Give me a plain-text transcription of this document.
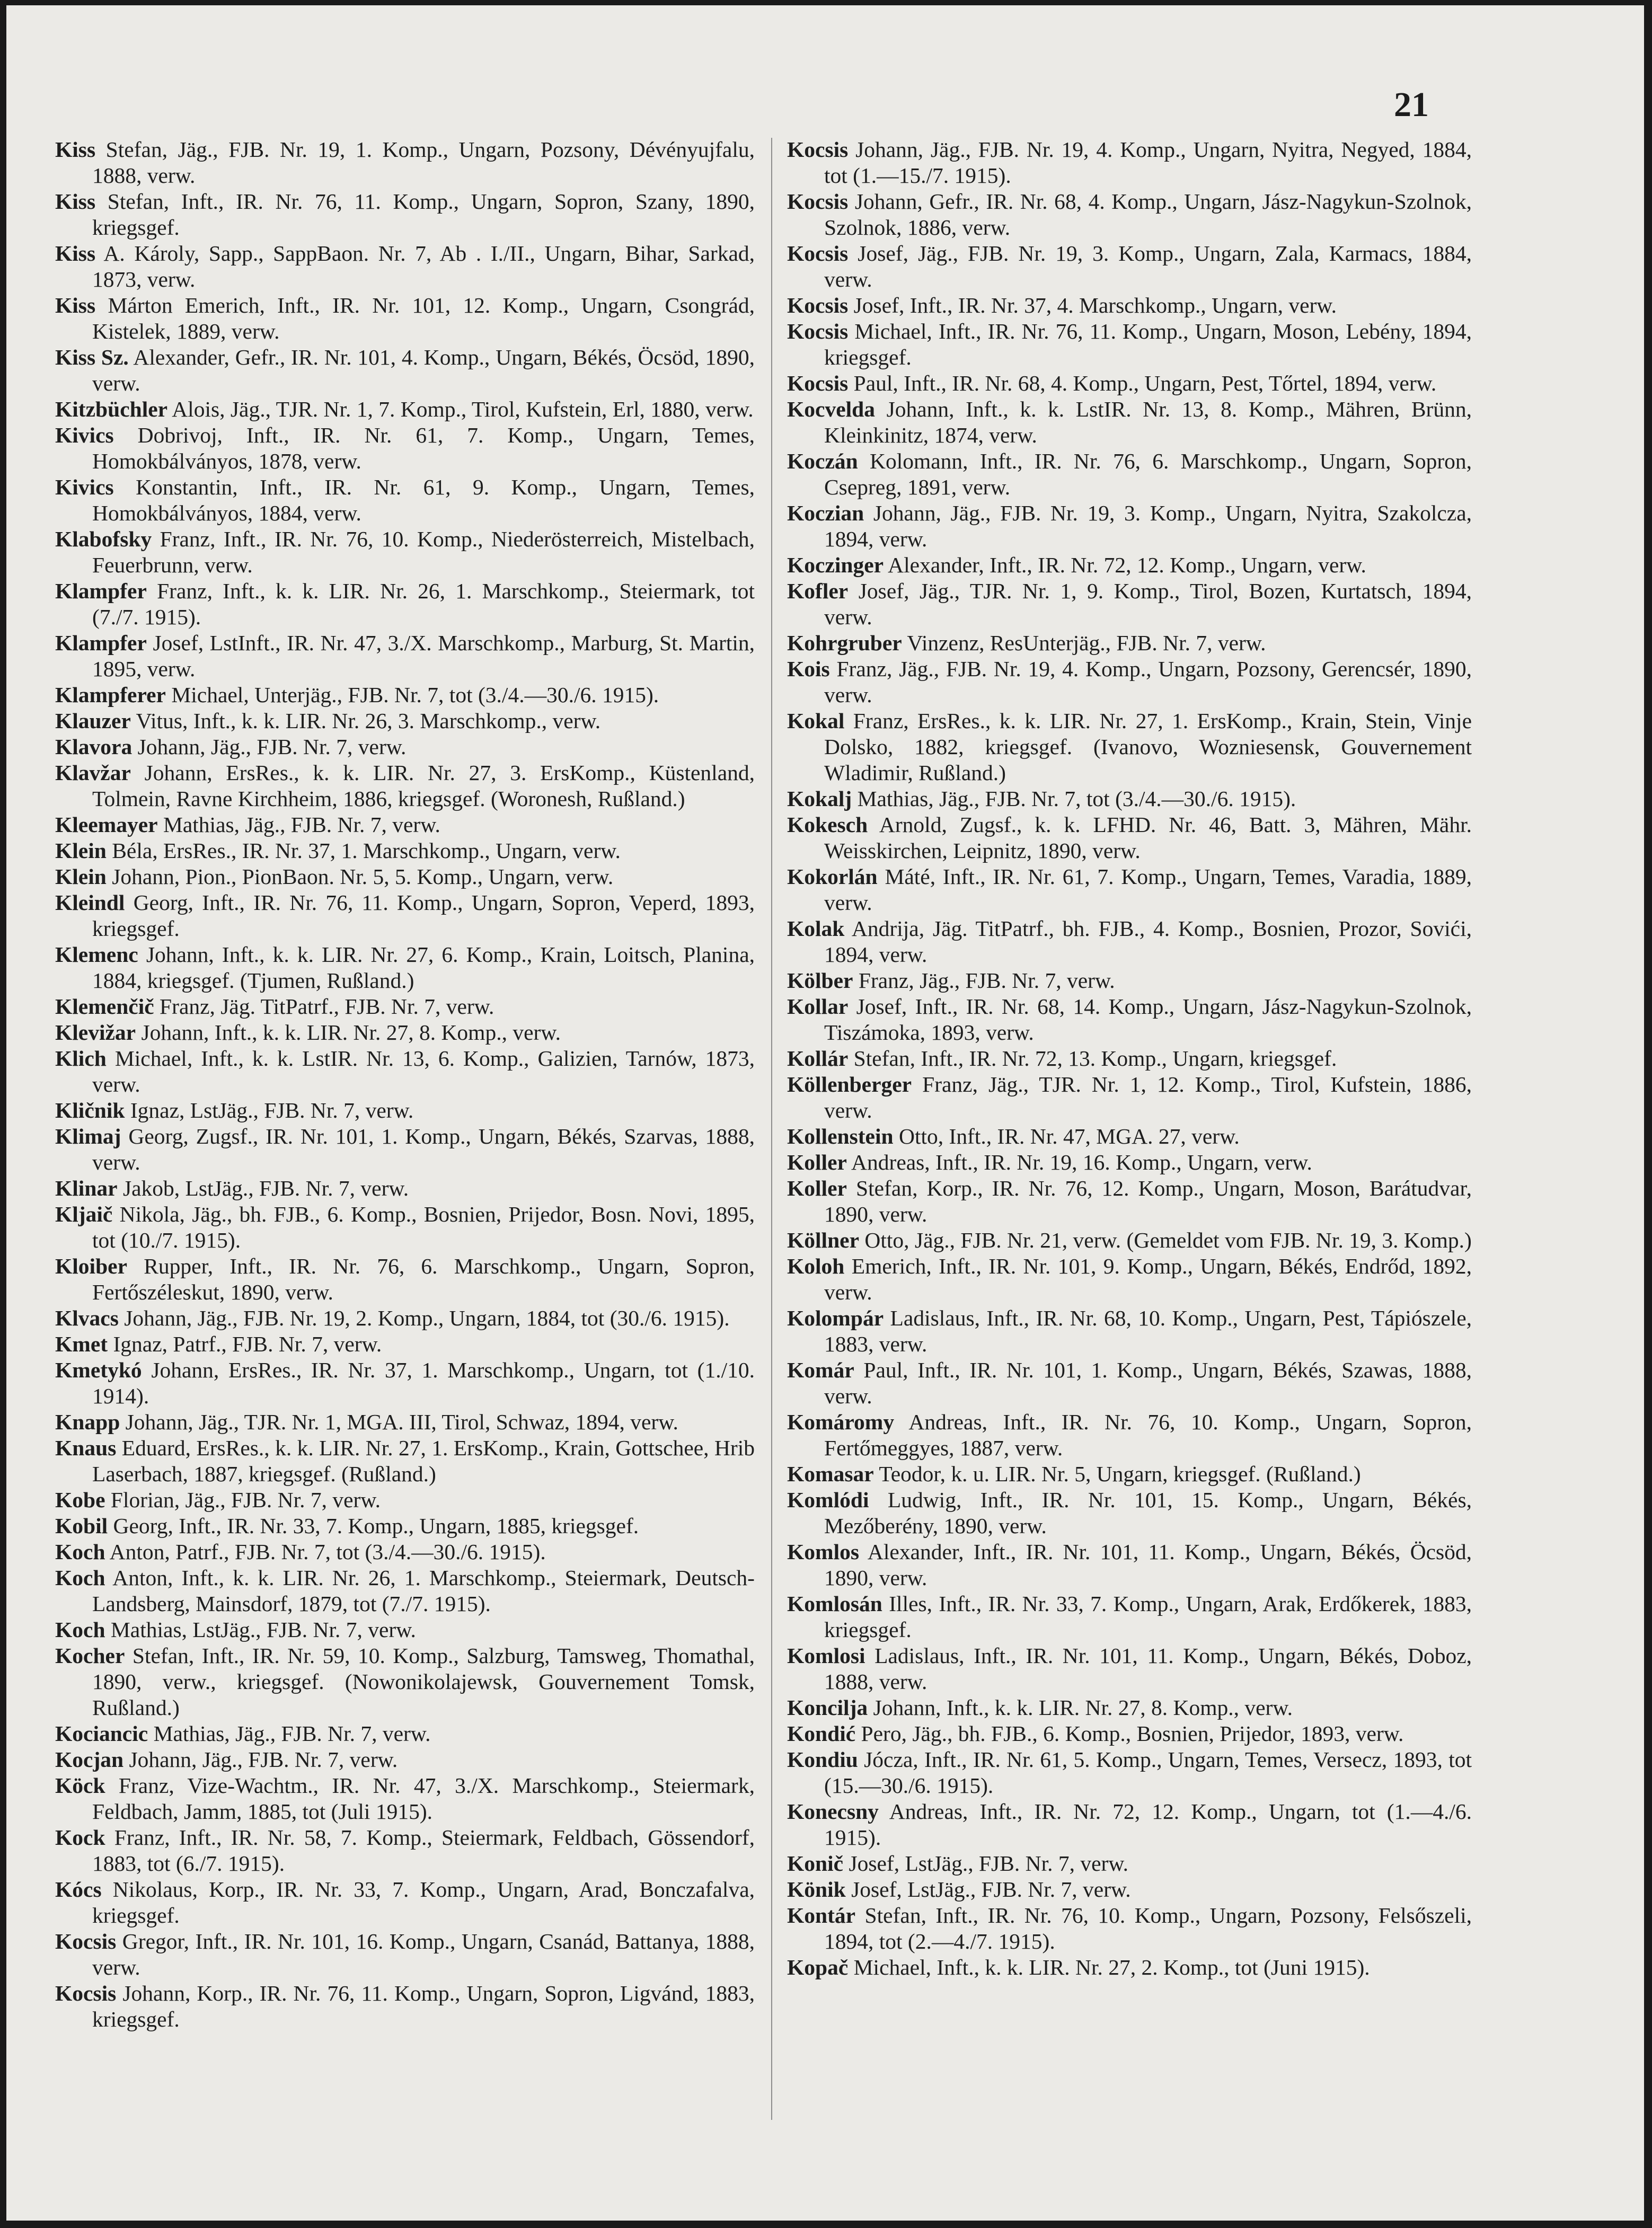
21

Kiss Stefan, Jäg., FJB. Nr. 19, 1. Komp., Ungarn, Pozsony, Dévényujfalu, 1888, verw.

Kiss Stefan, Inft., IR. Nr. 76, 11. Komp., Ungarn, Sopron, Szany, 1890, kriegsgef.

Kiss A. Károly, Sapp., SappBaon. Nr. 7, Ab . I./II., Ungarn, Bihar, Sarkad, 1873, verw.

Kiss Márton Emerich, Inft., IR. Nr. 101, 12. Komp., Ungarn, Csongrád, Kistelek, 1889, verw.

Kiss Sz. Alexander, Gefr., IR. Nr. 101, 4. Komp., Ungarn, Békés, Öcsöd, 1890, verw.

Kitzbüchler Alois, Jäg., TJR. Nr. 1, 7. Komp., Tirol, Kufstein, Erl, 1880, verw.

Kivics Dobrivoj, Inft., IR. Nr. 61, 7. Komp., Ungarn, Temes, Homokbálványos, 1878, verw.

Kivics Konstantin, Inft., IR. Nr. 61, 9. Komp., Ungarn, Temes, Homokbálványos, 1884, verw.

Klabofsky Franz, Inft., IR. Nr. 76, 10. Komp., Niederösterreich, Mistelbach, Feuerbrunn, verw.

Klampfer Franz, Inft., k. k. LIR. Nr. 26, 1. Marschkomp., Steiermark, tot (7./7. 1915).

Klampfer Josef, LstInft., IR. Nr. 47, 3./X. Marschkomp., Marburg, St. Martin, 1895, verw.

Klampferer Michael, Unterjäg., FJB. Nr. 7, tot (3./4.—30./6. 1915).

Klauzer Vitus, Inft., k. k. LIR. Nr. 26, 3. Marschkomp., verw.

Klavora Johann, Jäg., FJB. Nr. 7, verw.

Klavžar Johann, ErsRes., k. k. LIR. Nr. 27, 3. ErsKomp., Küstenland, Tolmein, Ravne Kirchheim, 1886, kriegsgef. (Woronesh, Rußland.)

Kleemayer Mathias, Jäg., FJB. Nr. 7, verw.

Klein Béla, ErsRes., IR. Nr. 37, 1. Marschkomp., Ungarn, verw.

Klein Johann, Pion., PionBaon. Nr. 5, 5. Komp., Ungarn, verw.

Kleindl Georg, Inft., IR. Nr. 76, 11. Komp., Ungarn, Sopron, Veperd, 1893, kriegsgef.

Klemenc Johann, Inft., k. k. LIR. Nr. 27, 6. Komp., Krain, Loitsch, Planina, 1884, kriegsgef. (Tjumen, Rußland.)

Klemenčič Franz, Jäg. TitPatrf., FJB. Nr. 7, verw.

Klevižar Johann, Inft., k. k. LIR. Nr. 27, 8. Komp., verw.

Klich Michael, Inft., k. k. LstIR. Nr. 13, 6. Komp., Galizien, Tarnów, 1873, verw.

Kličnik Ignaz, LstJäg., FJB. Nr. 7, verw.

Klimaj Georg, Zugsf., IR. Nr. 101, 1. Komp., Ungarn, Békés, Szarvas, 1888, verw.

Klinar Jakob, LstJäg., FJB. Nr. 7, verw.

Kljaič Nikola, Jäg., bh. FJB., 6. Komp., Bosnien, Prijedor, Bosn. Novi, 1895, tot (10./7. 1915).

Kloiber Rupper, Inft., IR. Nr. 76, 6. Marschkomp., Ungarn, Sopron, Fertőszéleskut, 1890, verw.

Klvacs Johann, Jäg., FJB. Nr. 19, 2. Komp., Ungarn, 1884, tot (30./6. 1915).

Kmet Ignaz, Patrf., FJB. Nr. 7, verw.

Kmetykó Johann, ErsRes., IR. Nr. 37, 1. Marschkomp., Ungarn, tot (1./10. 1914).

Knapp Johann, Jäg., TJR. Nr. 1, MGA. III, Tirol, Schwaz, 1894, verw.

Knaus Eduard, ErsRes., k. k. LIR. Nr. 27, 1. ErsKomp., Krain, Gottschee, Hrib Laserbach, 1887, kriegsgef. (Rußland.)

Kobe Florian, Jäg., FJB. Nr. 7, verw.

Kobil Georg, Inft., IR. Nr. 33, 7. Komp., Ungarn, 1885, kriegsgef.

Koch Anton, Patrf., FJB. Nr. 7, tot (3./4.—30./6. 1915).

Koch Anton, Inft., k. k. LIR. Nr. 26, 1. Marschkomp., Steiermark, Deutsch-Landsberg, Mainsdorf, 1879, tot (7./7. 1915).

Koch Mathias, LstJäg., FJB. Nr. 7, verw.

Kocher Stefan, Inft., IR. Nr. 59, 10. Komp., Salzburg, Tamsweg, Thomathal, 1890, verw., kriegsgef. (Nowonikolajewsk, Gouvernement Tomsk, Rußland.)

Kociancic Mathias, Jäg., FJB. Nr. 7, verw.

Kocjan Johann, Jäg., FJB. Nr. 7, verw.

Köck Franz, Vize-Wachtm., IR. Nr. 47, 3./X. Marschkomp., Steiermark, Feldbach, Jamm, 1885, tot (Juli 1915).

Kock Franz, Inft., IR. Nr. 58, 7. Komp., Steiermark, Feldbach, Gössendorf, 1883, tot (6./7. 1915).

Kócs Nikolaus, Korp., IR. Nr. 33, 7. Komp., Ungarn, Arad, Bonczafalva, kriegsgef.

Kocsis Gregor, Inft., IR. Nr. 101, 16. Komp., Ungarn, Csanád, Battanya, 1888, verw.

Kocsis Johann, Korp., IR. Nr. 76, 11. Komp., Ungarn, Sopron, Ligvánd, 1883, kriegsgef.

Kocsis Johann, Jäg., FJB. Nr. 19, 4. Komp., Ungarn, Nyitra, Negyed, 1884, tot (1.—15./7. 1915).

Kocsis Johann, Gefr., IR. Nr. 68, 4. Komp., Ungarn, Jász-Nagykun-Szolnok, Szolnok, 1886, verw.

Kocsis Josef, Jäg., FJB. Nr. 19, 3. Komp., Ungarn, Zala, Karmacs, 1884, verw.

Kocsis Josef, Inft., IR. Nr. 37, 4. Marschkomp., Ungarn, verw.

Kocsis Michael, Inft., IR. Nr. 76, 11. Komp., Ungarn, Moson, Lebény, 1894, kriegsgef.

Kocsis Paul, Inft., IR. Nr. 68, 4. Komp., Ungarn, Pest, Tőrtel, 1894, verw.

Kocvelda Johann, Inft., k. k. LstIR. Nr. 13, 8. Komp., Mähren, Brünn, Kleinkinitz, 1874, verw.

Koczán Kolomann, Inft., IR. Nr. 76, 6. Marschkomp., Ungarn, Sopron, Csepreg, 1891, verw.

Koczian Johann, Jäg., FJB. Nr. 19, 3. Komp., Ungarn, Nyitra, Szakolcza, 1894, verw.

Koczinger Alexander, Inft., IR. Nr. 72, 12. Komp., Ungarn, verw.

Kofler Josef, Jäg., TJR. Nr. 1, 9. Komp., Tirol, Bozen, Kurtatsch, 1894, verw.

Kohrgruber Vinzenz, ResUnterjäg., FJB. Nr. 7, verw.

Kois Franz, Jäg., FJB. Nr. 19, 4. Komp., Ungarn, Pozsony, Gerencsér, 1890, verw.

Kokal Franz, ErsRes., k. k. LIR. Nr. 27, 1. ErsKomp., Krain, Stein, Vinje Dolsko, 1882, kriegsgef. (Ivanovo, Wozniesensk, Gouvernement Wladimir, Rußland.)

Kokalj Mathias, Jäg., FJB. Nr. 7, tot (3./4.—30./6. 1915).

Kokesch Arnold, Zugsf., k. k. LFHD. Nr. 46, Batt. 3, Mähren, Mähr. Weisskirchen, Leipnitz, 1890, verw.

Kokorlán Máté, Inft., IR. Nr. 61, 7. Komp., Ungarn, Temes, Varadia, 1889, verw.

Kolak Andrija, Jäg. TitPatrf., bh. FJB., 4. Komp., Bosnien, Prozor, Sovići, 1894, verw.

Kölber Franz, Jäg., FJB. Nr. 7, verw.

Kollar Josef, Inft., IR. Nr. 68, 14. Komp., Ungarn, Jász-Nagykun-Szolnok, Tiszámoka, 1893, verw.

Kollár Stefan, Inft., IR. Nr. 72, 13. Komp., Ungarn, kriegsgef.

Köllenberger Franz, Jäg., TJR. Nr. 1, 12. Komp., Tirol, Kufstein, 1886, verw.

Kollenstein Otto, Inft., IR. Nr. 47, MGA. 27, verw.

Koller Andreas, Inft., IR. Nr. 19, 16. Komp., Ungarn, verw.

Koller Stefan, Korp., IR. Nr. 76, 12. Komp., Ungarn, Moson, Barátudvar, 1890, verw.

Köllner Otto, Jäg., FJB. Nr. 21, verw. (Gemeldet vom FJB. Nr. 19, 3. Komp.)

Koloh Emerich, Inft., IR. Nr. 101, 9. Komp., Ungarn, Békés, Endrőd, 1892, verw.

Kolompár Ladislaus, Inft., IR. Nr. 68, 10. Komp., Ungarn, Pest, Tápiószele, 1883, verw.

Komár Paul, Inft., IR. Nr. 101, 1. Komp., Ungarn, Békés, Szawas, 1888, verw.

Komáromy Andreas, Inft., IR. Nr. 76, 10. Komp., Ungarn, Sopron, Fertőmeggyes, 1887, verw.

Komasar Teodor, k. u. LIR. Nr. 5, Ungarn, kriegsgef. (Rußland.)

Komlódi Ludwig, Inft., IR. Nr. 101, 15. Komp., Ungarn, Békés, Mezőberény, 1890, verw.

Komlos Alexander, Inft., IR. Nr. 101, 11. Komp., Ungarn, Békés, Öcsöd, 1890, verw.

Komlosán Illes, Inft., IR. Nr. 33, 7. Komp., Ungarn, Arak, Erdőkerek, 1883, kriegsgef.

Komlosi Ladislaus, Inft., IR. Nr. 101, 11. Komp., Ungarn, Békés, Doboz, 1888, verw.

Koncilja Johann, Inft., k. k. LIR. Nr. 27, 8. Komp., verw.

Kondić Pero, Jäg., bh. FJB., 6. Komp., Bosnien, Prijedor, 1893, verw.

Kondiu Jócza, Inft., IR. Nr. 61, 5. Komp., Ungarn, Temes, Versecz, 1893, tot (15.—30./6. 1915).

Konecsny Andreas, Inft., IR. Nr. 72, 12. Komp., Ungarn, tot (1.—4./6. 1915).

Konič Josef, LstJäg., FJB. Nr. 7, verw.

Könik Josef, LstJäg., FJB. Nr. 7, verw.

Kontár Stefan, Inft., IR. Nr. 76, 10. Komp., Ungarn, Pozsony, Felsőszeli, 1894, tot (2.—4./7. 1915).

Kopač Michael, Inft., k. k. LIR. Nr. 27, 2. Komp., tot (Juni 1915).
